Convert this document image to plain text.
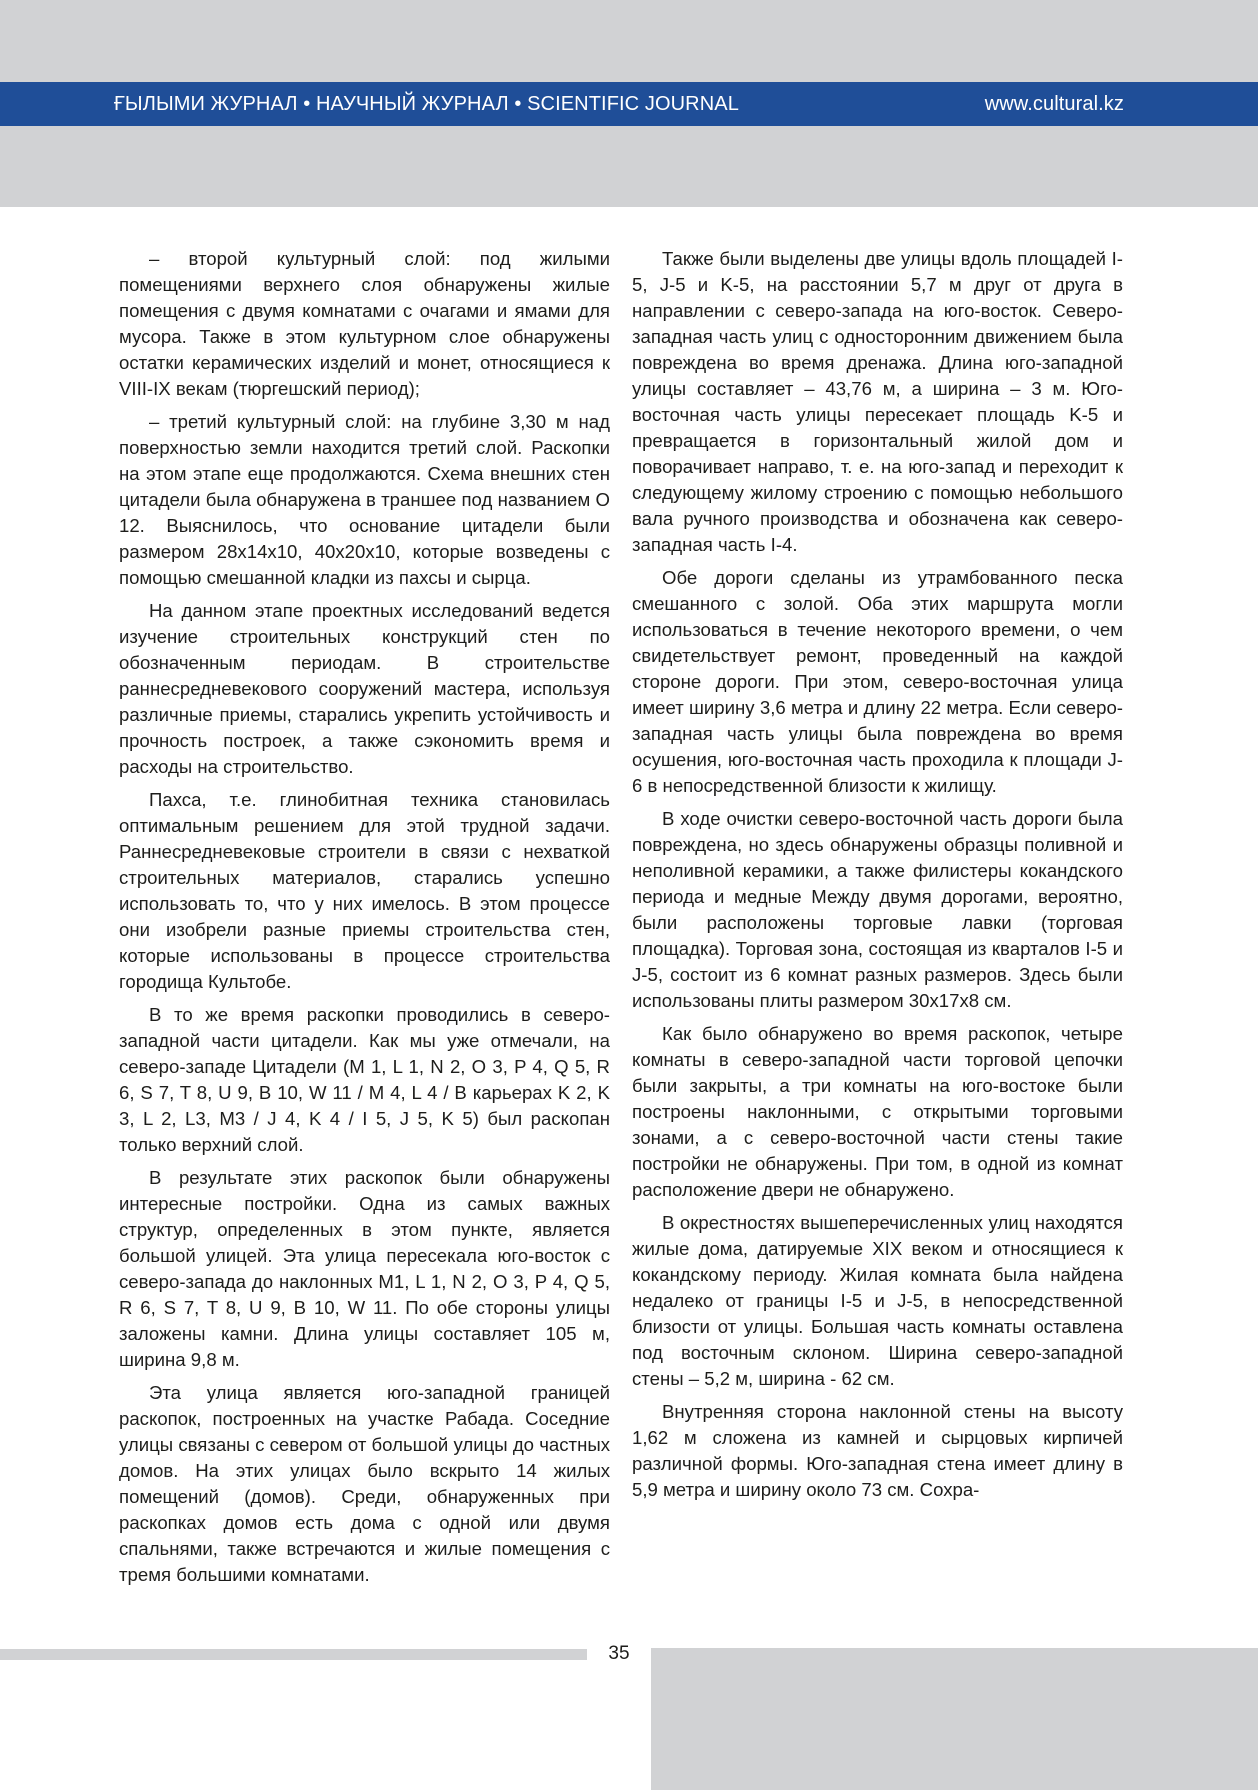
ҒЫЛЫМИ ЖУРНАЛ • НАУЧНЫЙ ЖУРНАЛ • SCIENTIFIC JOURNAL	www.cultural.kz

– второй культурный слой: под жилыми помещениями верхнего слоя обнаружены жилые помещения с двумя комнатами с очагами и ямами для мусора. Также в этом культурном слое обнаружены остатки керамических изделий и монет, относящиеся к VIII-IX векам (тюргешский период);

– третий культурный слой: на глубине 3,30 м над поверхностью земли находится третий слой. Раскопки на этом этапе еще продолжаются. Схема внешних стен цитадели была обнаружена в траншее под названием О 12. Выяснилось, что основание цитадели были размером 28х14х10, 40х20х10, которые возведены с помощью смешанной кладки из пахсы и сырца.

На данном этапе проектных исследований ведется изучение строительных конструкций стен по обозначенным периодам. В строительстве раннесредневекового сооружений мастера, используя различные приемы, старались укрепить устойчивость и прочность построек, а также сэкономить время и расходы на строительство.

Пахса, т.е. глинобитная техника становилась оптимальным решением для этой трудной задачи. Раннесредневековые строители в связи с нехваткой строительных материалов, старались успешно использовать то, что у них имелось. В этом процессе они изобрели разные приемы строительства стен, которые использованы в процессе строительства городища Культобе.

В то же время раскопки проводились в северо-западной части цитадели. Как мы уже отмечали, на северо-западе Цитадели (M 1, L 1, N 2, O 3, P 4, Q 5, R 6, S 7, T 8, U 9, B 10, W 11 / M 4, L 4 / B карьерах K 2, K 3, L 2, L3, M3 / J 4, K 4 / I 5, J 5, K 5) был раскопан только верхний слой.

В результате этих раскопок были обнаружены интересные постройки. Одна из самых важных структур, определенных в этом пункте, является большой улицей. Эта улица пересекала юго-восток с северо-запада до наклонных М1, L 1, N 2, O 3, P 4, Q 5, R 6, S 7, T 8, U 9, B 10, W 11. По обе стороны улицы заложены камни. Длина улицы составляет 105 м, ширина 9,8 м.

Эта улица является юго-западной границей раскопок, построенных на участке Рабада. Соседние улицы связаны с севером от большой улицы до частных домов. На этих улицах было вскрыто 14 жилых помещений (домов). Среди, обнаруженных при раскопках домов есть дома с одной или двумя спальнями, также встречаются и жилые помещения с тремя большими комнатами.

Также были выделены две улицы вдоль площадей I-5, J-5 и K-5, на расстоянии 5,7 м друг от друга в направлении с северо-запада на юго-восток. Северо-западная часть улиц с односторонним движением была повреждена во время дренажа. Длина юго-западной улицы составляет – 43,76 м, а ширина – 3 м. Юго-восточная часть улицы пересекает площадь K-5 и превращается в горизонтальный жилой дом и поворачивает направо, т. е. на юго-запад и переходит к следующему жилому строению с помощью небольшого вала ручного производства и обозначена как северо-западная часть I-4.

Обе дороги сделаны из утрамбованного песка смешанного с золой. Оба этих маршрута могли использоваться в течение некоторого времени, о чем свидетельствует ремонт, проведенный на каждой стороне дороги. При этом, северо-восточная улица имеет ширину 3,6 метра и длину 22 метра. Если северо-западная часть улицы была повреждена во время осушения, юго-восточная часть проходила к площади J-6 в непосредственной близости к жилищу.

В ходе очистки северо-восточной часть дороги была повреждена, но здесь обнаружены образцы поливной и неполивной керамики, а также филистеры кокандского периода и медные Между двумя дорогами, вероятно, были расположены торговые лавки (торговая площадка). Торговая зона, состоящая из кварталов I-5 и J-5, состоит из 6 комнат разных размеров. Здесь были использованы плиты размером 30х17х8 см.

Как было обнаружено во время раскопок, четыре комнаты в северо-западной части торговой цепочки были закрыты, а три комнаты на юго-востоке были построены наклонными, с открытыми торговыми зонами, а с северо-восточной части стены такие постройки не обнаружены. При том, в одной из комнат расположение двери не обнаружено.

В окрестностях вышеперечисленных улиц находятся жилые дома, датируемые XIX веком и относящиеся к кокандскому периоду. Жилая комната была найдена недалеко от границы I-5 и J-5, в непосредственной близости от улицы. Большая часть комнаты оставлена под восточным склоном. Ширина северо-западной стены – 5,2 м, ширина - 62 см.

Внутренняя сторона наклонной стены на высоту 1,62 м сложена из камней и сырцовых кирпичей различной формы. Юго-западная стена имеет длину в 5,9 метра и ширину около 73 см. Сохра-

35
